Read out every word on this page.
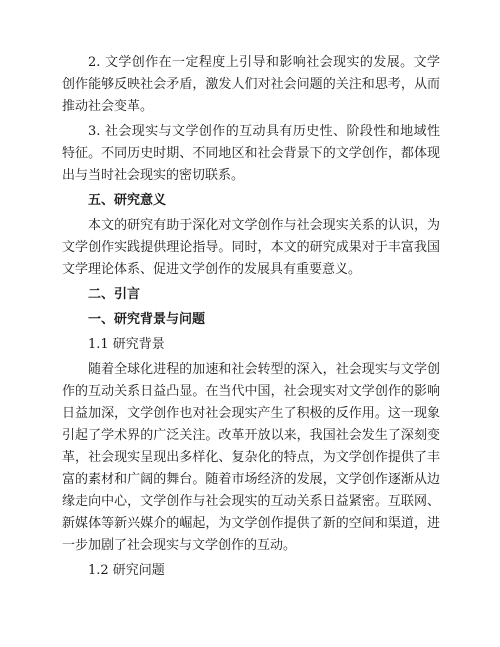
2. 文学创作在一定程度上引导和影响社会现实的发展。文学创作能够反映社会矛盾，激发人们对社会问题的关注和思考，从而推动社会变革。

3. 社会现实与文学创作的互动具有历史性、阶段性和地域性特征。不同历史时期、不同地区和社会背景下的文学创作，都体现出与当时社会现实的密切联系。

五、研究意义

本文的研究有助于深化对文学创作与社会现实关系的认识，为文学创作实践提供理论指导。同时，本文的研究成果对于丰富我国文学理论体系、促进文学创作的发展具有重要意义。

二、引言

一、研究背景与问题

1.1 研究背景

随着全球化进程的加速和社会转型的深入，社会现实与文学创作的互动关系日益凸显。在当代中国，社会现实对文学创作的影响日益加深，文学创作也对社会现实产生了积极的反作用。这一现象引起了学术界的广泛关注。改革开放以来，我国社会发生了深刻变革，社会现实呈现出多样化、复杂化的特点，为文学创作提供了丰富的素材和广阔的舞台。随着市场经济的发展，文学创作逐渐从边缘走向中心，文学创作与社会现实的互动关系日益紧密。互联网、新媒体等新兴媒介的崛起，为文学创作提供了新的空间和渠道，进一步加剧了社会现实与文学创作的互动。

1.2 研究问题
